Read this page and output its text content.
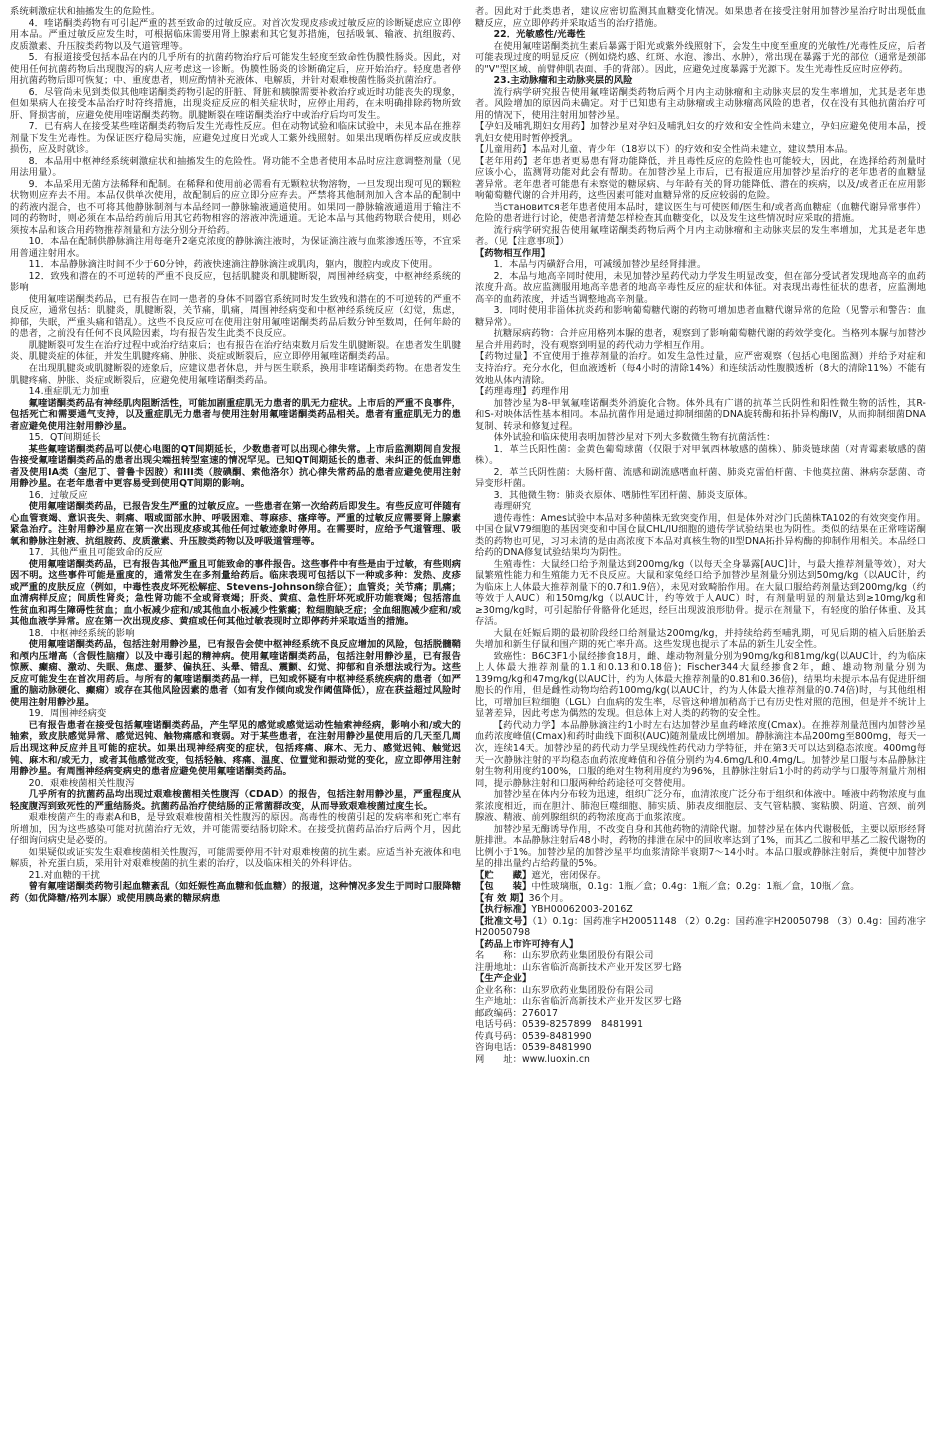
系统刺激症状和抽搐发生的危险性。

4．喹诺酮类药物有可引起严重的甚至致命的过敏反应。对首次发现皮疹或过敏反应的诊断疑虑应立即停用本品。严重过敏反应发生时，可根据临床需要用肾上腺素和其它复苏措施，包括吸氧、输液、抗组胺药、皮质激素、升压胺类药物以及气道管理等。

5．有报道接受包括本品在内的几乎所有的抗菌药物治疗后可能发生轻度至致命性伪膜性肠炎。因此，对使用任何抗菌药物后出现腹泻的病人应考虑这一诊断。伪膜性肠炎的诊断确定后，应开始治疗。轻度患者停用抗菌药物后即可恢复；中、重度患者，则应酌情补充液体、电解质，并针对艰难梭菌性肠炎抗菌治疗。

6．尽管尚未见到类似其他喹诺酮类药物引起的肝脏、肾脏和胰腺需要补救治疗或近时功能丧失的现象，但如果病人在接受本品治疗时符终措施，出现炎症反应的相关症状时，应停止用药，在未明确排除药物所致肝、肾损害前，应避免使用喹诺酮类药物。肌腱断裂在喹诺酮类治疗中或治疗后均可发生。

7．已有病人在接受某些喹诺酮类药物后发生光毒性反应。但在动物试验和临床试验中，未见本品在推荐剂量下发生光毒性。为保证医疗稳局实施，应避免过度日光或人工紫外线照射。如果出现晒伤样反应或皮肤损伤，应及时就诊。

8．本品用中枢神经系统刺激症状和抽搐发生的危险性。肾功能不全患者使用本品时应注意调整剂量（见用法用量）。

9．本品采用无菌方法稀释和配制。在稀释和使用前必需看有无颗粒状物溶物，一旦发现出现可见的颗粒状物则应弃去不用。本品仅供单次使用，故配制后的应立即分应弃去。严禁将其他制剂加入含本品的配制中的药液内混合，也不可将其他静脉制剂与本品经同一静脉输液通道使用。如果同一静脉输液通道用于输注不同的药物时，则必须在本品给药前后用其它药物相容的溶液冲洗通道。无论本品与其他药物联合使用，则必须按本品和该合用药物推荐剂量和方法分别分开给药。

10．本品在配制供静脉滴注用每毫升2毫克浓度的静脉滴注液时，为保证滴注液与血浆渗透压等，不宜采用普通注射用水。

11．本品静脉滴注时间不少于60分钟，药液快速滴注静脉滴注或肌肉，躯内，腹腔内或皮下使用。

12．致残和潜在的不可逆转的严重不良反应，包括肌腱炎和肌腱断裂，周围神经病变，中枢神经系统的影响

使用氟喹诺酮类药品，已有报告在同一患者的身体不同器官系统同时发生致残和潜在的不可逆转的严重不良反应，通常包括：肌腱炎，肌腱断裂，关节痛，肌痛，周围神经病变和中枢神经系统反应（幻觉，焦虑，抑郁，失眠，严重头痛和错乱）。这些不良反应可在使用注射用氟喹诺酮类药品后数分钟至数周，任何年龄的的患者，之前没有任何不良风险因素，均有报告发生此类不良反应。

肌腱断裂可发生在治疗过程中或治疗结束后；也有报告在治疗结束数月后发生肌腱断裂。在患者发生肌腱炎、肌腱炎症的体征，并发生肌腱疼痛、肿胀、炎症或断裂后，应立即停用氟喹诺酮类药品。

在出现肌腱炎或肌腱断裂的迹象后，应建议患者休息，并与医生联系，换用非喹诺酮类药物。在患者发生肌腱疼痛、肿胀、炎症或断裂后，应避免使用氟喹诺酮类药品。

14.重症肌无力加重

氟喹诺酮类药品有神经肌肉阻断活性，可能加剧重症肌无力患者的肌无力症状。上市后的严重不良事件，包括死亡和需要通气支持，以及重症肌无力患者与使用注射用氟喹诺酮类药品相关。患者有重症肌无力的患者应避免使用注射用静沙星。

15．QT间期延长

某些氟喹诺酮类药品可以使心电图的QT间期延长，少数患者可以出现心律失常。上市后监测期间自发报告接受氟喹诺酮类药品的患者出现尖端扭转型室速的情况罕见。已知QT间期延长的患者、未纠正的低血钾患者及使用IA类（奎尼丁、普鲁卡因胺）和III类（胺碘酮、索他洛尔）抗心律失常药品的患者应避免使用注射用静沙星。在老年患者中更容易受到使用QT间期的影响。

16．过敏反应

使用氟喹诺酮类药品，已报告发生严重的过敏反应。一些患者在第一次给药后即发生。有些反应可伴随有心血管衰竭、意识丧失、刺痛、咽或面部水肿、呼吸困难、荨麻疹、瘙痒等。严重的过敏反应需要肾上腺素紧急治疗。注射用静沙星应在第一次出现皮疹或其他任何过敏迹象时停用。在需要时，应给予气道管理、吸氧和静脉注射液、抗组胺药、皮质激素、升压胺类药物以及呼吸道管理等。

17．其他严重且可能致命的反应

使用氟喹诺酮类药品，已有报告其他严重且可能致命的事件报告。这些事件中有些是由于过敏，有些则病因不明。这些事件可能是重度的，通常发生在多剂量给药后。临床表现可包括以下一种或多种：发热、皮疹或严重的皮肤反应（例如，中毒性表皮坏死松解症、Stevens-Johnson综合征）；血管炎；关节痛；肌痛；血清病样反应；间质性肾炎；急性肾功能不全或肾衰竭；肝炎、黄疸、急性肝坏死或肝功能衰竭；包括溶血性贫血和再生障碍性贫血；血小板减少症和/或其他血小板减少性紫癜；粒细胞缺乏症；全血细胞减少症和/或其他血液学异常。应在第一次出现皮疹、黄疸或任何其他过敏表现时立即停药并采取适当的措施。

18．中枢神经系统的影响

使用氟喹诺酮类药品，包括注射用静沙星，已有报告会使中枢神经系统不良反应增加的风险，包括脱髓鞘和颅内压增高（含假性脑瘤）以及中毒引起的精神病。使用氟喹诺酮类药品，包括注射用静沙星，已有报告惊厥、癫痫、激动、失眠、焦虑、噩梦、偏执狂、头晕、错乱、震颤、幻觉、抑郁和自杀想法或行为。这些反应可能发生在首次用药后。与所有的氟喹诺酮类药品一样，已知或怀疑有中枢神经系统疾病的患者（如严重的脑动脉硬化、癫痫）或存在其他风险因素的患者（如有发作倾向或发作阈值降低），应在获益超过风险时使用注射用静沙星。

19．周围神经病变

已有报告患者在接受包括氟喹诺酮类药品，产生罕见的感觉或感觉运动性轴索神经病，影响小和/或大的轴索，致皮肤感觉异常、感觉迟钝、触物痛感和衰弱。对于某些患者，在注射用静沙星使用后的几天至几周后出现这种反应并且可能的症状。如果出现神经病变的症状，包括疼痛、麻木、无力、感觉迟钝、触觉迟钝、麻木和/或无力，或者其他感觉改变，包括轻触、疼痛、温度、位置觉和振动觉的变化，应立即停用注射用静沙星。有周围神经病变病史的患者应避免使用氟喹诺酮类药品。

20．艰难梭菌相关性腹泻

几乎所有的抗菌药品均出现过艰难梭菌相关性腹泻（CDAD）的报告，包括注射用静沙星，严重程度从轻度腹泻到致死性的严重结肠炎。抗菌药品治疗使结肠的正常菌群改变，从而导致艰难梭菌过度生长。

艰难梭菌产生的毒素A和B，是导致艰难梭菌相关性腹泻的原因。高毒性的梭菌引起的发病率和死亡率有所增加，因为这些感染可能对抗菌治疗无效，并可能需要结肠切除术。在接受抗菌药品治疗后两个月，因此仔细询问病史是必要的。

如果疑似或证实发生艰难梭菌相关性腹泻，可能需要停用不针对艰难梭菌的抗生素。应适当补充液体和电解质，补充蛋白质，采用针对艰难梭菌的抗生素的治疗，以及临床相关的外科评估。

21.对血糖的干扰

曾有氟喹诺酮类药物引起血糖紊乱（如妊娠性高血糖和低血糖）的报道，这种情况多发生于同时口服降糖药（如优降糖/格列本脲）或使用胰岛素的糖尿病患

者。因此对于此类患者，建议应密切监测其血糖变化情况。如果患者在接受注射用加替沙星治疗时出现低血糖反应，应立即停药并采取适当的治疗措施。

22．光敏感性/光毒性

在使用氟喹诺酮类抗生素后暴露于阳光或紫外线照射下，会发生中度至重度的光敏性/光毒性反应，后者可能表现过度的明显反应（例如烧灼感、红斑、水泡、渗出、水肿），常出现在暴露于光的部位（通常是颈部的"V"型区域、前臂伸肌表面、手的背部）。因此，应避免过度暴露于光源下。发生光毒性反应时应停药。

23.主动脉瘤和主动脉夹层的风险

流行病学研究报告使用氟喹诺酮类药物后两个月内主动脉瘤和主动脉夹层的发生率增加，尤其是老年患者。风险增加的原因尚未确定。对于已知患有主动脉瘤或主动脉瘤高风险的患者，仅在没有其他抗菌治疗可用的情况下，使用注射用加替沙星。

【孕妇及哺乳期妇女用药】加替沙星对孕妇及哺乳妇女的疗效和安全性尚未建立，孕妇应避免使用本品，授乳妇女使用时暂停授乳。

【儿童用药】本品对儿童、青少年（18岁以下）的疗效和安全性尚未建立，建议禁用本品。

【老年用药】老年患者更易患有肾功能降低，并且毒性反应的危险性也可能较大，因此，在选择给药剂量时应该小心，监测肾功能对此会有帮助。在加替沙星上市后，已有报道应用加替沙星治疗的老年患者的血糖显著异常。老年患者可能患有未察觉的糖尿病、与年龄有关的肾功能降低、潜在的疾病，以及/或者正在应用影响葡萄糖代谢的合并用药，这些因素可能对血糖异常的反应较弱的危险。

当становится老年患者使用本品时，建议医生与可使医师/医生和/或者高血糖症（血糖代谢异常事件）危险的患者进行讨论，使患者清楚怎样检查其血糖变化，以及发生这些情况时应采取的措施。

流行病学研究报告使用氟喹诺酮类药物后两个月内主动脉瘤和主动脉夹层的发生率增加，尤其是老年患者。（见【注意事项】）

【药物相互作用】

1．本品与丙磺舒合用，可减缓加替沙星经肾排泄。

2．本品与地高辛同时使用，未见加替沙星药代动力学发生明显改变，但在部分受试者发现地高辛的血药浓度升高。故应监测服用地高辛患者的地高辛毒性反应的症状和体征。对表现出毒性征状的患者，应监测地高辛的血药浓度，并适当调整地高辛剂量。

3．同时使用非甾体抗炎药和影响葡萄糖代谢的药物可增加患者血糖代谢异常的危险（见警示和警告：血糖异常）。

抗糖尿病药物：合并应用格列本脲的患者，观察到了影响葡萄糖代谢的药效学变化。当格列本脲与加替沙星合并用药时，没有观察到明显的药代动力学相互作用。

【药物过量】不宜使用于推荐剂量的治疗。如发生急性过量，应严密观察（包括心电图监测）并给予对症和支持治疗。充分水化，但血液透析（每4小时的清除14%）和连续活动性腹膜透析（8大的清除11%）不能有效地从体内清除。

【药理毒理】药理作用

加替沙星为8-甲氧氟喹诺酮类外消旋化合物。体外具有广谱的抗革兰氏阴性和阳性微生物的活性，其R-和S-对映体活性基本相同。本品抗菌作用是通过抑制细菌的DNA旋转酶和拓扑异构酶IV，从而抑制细菌DNA复制、转录和修复过程。

体外试验和临床使用表明加替沙星对下列大多数微生物有抗菌活性：

1．革兰氏阳性菌：金黄色葡萄球菌（仅限于对甲氧西林敏感的菌株）、肺炎链球菌（对青霉素敏感的菌株）。

2．革兰氏阴性菌：大肠杆菌、流感和副流感嗜血杆菌、肺炎克雷伯杆菌、卡他莫拉菌、淋病奈瑟菌、奇异变形杆菌。

3．其他微生物：肺炎衣原体、嗜肺性军团杆菌、肺炎支原体。

毒理研究

遗传毒性：Ames试验中本品对多种菌株无致突变作用，但是体外对沙门氏菌株TA102的有效突变作用。中国仓鼠V79细胞的基因突变和中国仓鼠CHL/IU细胞的遗传学试验结果也为阴性。类似的结果在正常喹诺酮类的药物也可见，习习未清的是由高浓度下本品对真核生物的II型DNA拓扑异构酶的抑制作用相关。本品经口给药的DNA修复试验结果均为阴性。

生殖毒性：大鼠经口给予剂量达到200mg/kg（以每天全身暴露[AUC]计，与最大推荐剂量等效），对大鼠繁殖性能力和生殖能力无不良反应。大鼠和家兔经口给予加替沙星剂量分别达到50mg/kg（以AUC计，约为临床上人体最大推荐剂量下的0.7和1.9倍），未见对致畸胎作用。在大鼠口服给药剂量达到200mg/kg（约等效于人AUC）和150mg/kg（以AUC计，约等效于人AUC）时，有剂量明显的剂量达到≥10mg/kg和≥30mg/kg时，可引起胎仔骨骼骨化延迟，经巨出现波浪形肋骨。提示在剂量下，有轻度的胎仔体重、及其存活。

大鼠在妊娠后期的最初阶段经口给剂量达200mg/kg，并持续给药至哺乳期，可见后期的植入后胚胎丢失增加和新生仔鼠和围产期的死亡率升高。这些发现也提示了本品的新生儿安全性。

致癌性：B6C3F1小鼠经掺食18月，雌、雄动物剂量分别为90mg/kg和81mg/kg(以AUC计，约为临床上人体最大推荐剂量的1.1和0.13和0.18倍)；Fischer344大鼠经掺食2年，雌、雄动物剂量分别为139mg/kg和47mg/kg(以AUC计，约为人体最大推荐剂量的0.81和0.36倍)，结果均未提示本品有促进肝细胞长的作用，但是雌性动物均给药100mg/kg(以AUC计，约为人体最大推荐剂量的0.74倍)时，与其他组相比，可增加巨粒细胞（LGL）白血病的发生率，尽管这种增加稍高于已有历史性对照的范围，但是并不统计上显著差异，因此考虑为偶然的发现。但总体上对人类的药物的安全性。

【药代动力学】本品静脉滴注约1小时左右达加替沙星血药峰浓度(Cmax)。在推荐剂量范围内加替沙星血药浓度峰值(Cmax)和药时曲线下面积(AUC)随剂量成比例增加。静脉滴注本品200mg至800mg，每天一次，连续14天。加替沙星的药代动力学呈现线性药代动力学特征，并在第3天可以达到稳态浓度。400mg每天一次静脉注射的平均稳态血药浓度峰值和谷值分别约为4.6mg/L和0.4mg/L。加替沙星口服与本品静脉注射生物利用度约100%，口服的绝对生物利用度约为96%，且静脉注射后1小时的药动学与口服等剂量片剂相同，提示静脉注射和口服两种给药途径可交替使用。

加替沙星在体内分布较为迅速，组织广泛分布，血清浓度广泛分布于组织和体液中。唾液中药物浓度与血浆浓度相近，而在胆汁、肺泡巨噬细胞、肺实质、肺表皮细胞层、支气管粘膜、窦粘膜、阴道、宫颈、前列腺液、精液、前列腺组织的药物浓度高于血浆浓度。

加替沙星无酶诱导作用，不改变自身和其他药物的清除代谢。加替沙星在体内代谢极低，主要以原形经肾脏排泄。本品静脉注射后48小时，药物的排泄在尿中的回收率达到了1%，而其乙二胺和甲基乙二胺代谢物的比例小于1%。加替沙星的加替沙星平均血浆清除半衰期7～14小时。本品口服或静脉注射后，粪便中加替沙星的排出量约占给药量的5%。

【贮　　藏】遮光，密闭保存。

【包　　装】中性玻璃瓶，0.1g：1瓶／盒；0.4g：1瓶／盒；0.2g：1瓶／盒，10瓶／盒。

【有 效 期】36个月。

【执行标准】YBH00062003-2016Z

【批准文号】（1）0.1g：国药准字H20051148 （2）0.2g：国药准字H20050798 （3）0.4g：国药准字H20050798

【药品上市许可持有人】

名　　称：山东罗欣药业集团股份有限公司

注册地址：山东省临沂高新技术产业开发区罗七路

【生产企业】

企业名称：山东罗欣药业集团股份有限公司

生产地址：山东省临沂高新技术产业开发区罗七路

邮政编码：276017

电话号码：0539-8257899　8481991

传真号码：0539-8481990

咨询电话：0539-8481990

网　　址：www.luoxin.cn
